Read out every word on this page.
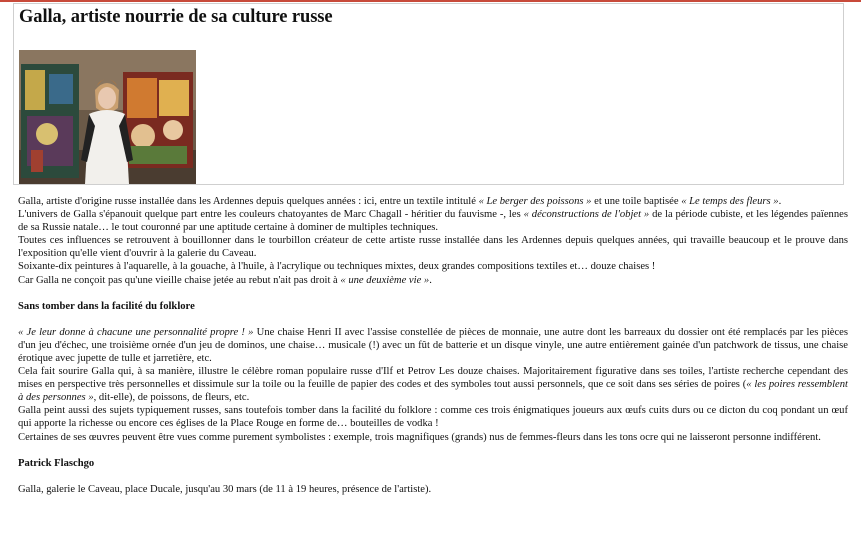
Galla, artiste nourrie de sa culture russe

Galla, artiste d'origine russe installée dans les Ardennes depuis quelques années : ici, entre un textile intitulé « Le berger des poissons » et une toile baptisée « Le temps des fleurs ».

L'univers de Galla s'épanouit quelque part entre les couleurs chatoyantes de Marc Chagall - héritier du fauvisme -, les « déconstructions de l'objet » de la période cubiste, et les légendes païennes de sa Russie natale… le tout couronné par une aptitude certaine à dominer de multiples techniques.

Toutes ces influences se retrouvent à bouillonner dans le tourbillon créateur de cette artiste russe installée dans les Ardennes depuis quelques années, qui travaille beaucoup et le prouve dans l'exposition qu'elle vient d'ouvrir à la galerie du Caveau.

Soixante-dix peintures à l'aquarelle, à la gouache, à l'huile, à l'acrylique ou techniques mixtes, deux grandes compositions textiles et… douze chaises !

Car Galla ne conçoit pas qu'une vieille chaise jetée au rebut n'ait pas droit à « une deuxième vie ».

Sans tomber dans la facilité du folklore

« Je leur donne à chacune une personnalité propre ! » Une chaise Henri II avec l'assise constellée de pièces de monnaie, une autre dont les barreaux du dossier ont été remplacés par les pièces d'un jeu d'échec, une troisième ornée d'un jeu de dominos, une chaise… musicale (!) avec un fût de batterie et un disque vinyle, une autre entièrement gainée d'un patchwork de tissus, une chaise érotique avec jupette de tulle et jarretière, etc.

Cela fait sourire Galla qui, à sa manière, illustre le célèbre roman populaire russe d'Ilf et Petrov Les douze chaises. Majoritairement figurative dans ses toiles, l'artiste recherche cependant des mises en perspective très personnelles et dissimule sur la toile ou la feuille de papier des codes et des symboles tout aussi personnels, que ce soit dans ses séries de poires (« les poires ressemblent à des personnes », dit-elle), de poissons, de fleurs, etc.

Galla peint aussi des sujets typiquement russes, sans toutefois tomber dans la facilité du folklore : comme ces trois énigmatiques joueurs aux œufs cuits durs ou ce dicton du coq pondant un œuf qui apporte la richesse ou encore ces églises de la Place Rouge en forme de… bouteilles de vodka !

Certaines de ses œuvres peuvent être vues comme purement symbolistes : exemple, trois magnifiques (grands) nus de femmes-fleurs dans les tons ocre qui ne laisseront personne indifférent.

Patrick Flaschgo

Galla, galerie le Caveau, place Ducale, jusqu'au 30 mars (de 11 à 19 heures, présence de l'artiste).
